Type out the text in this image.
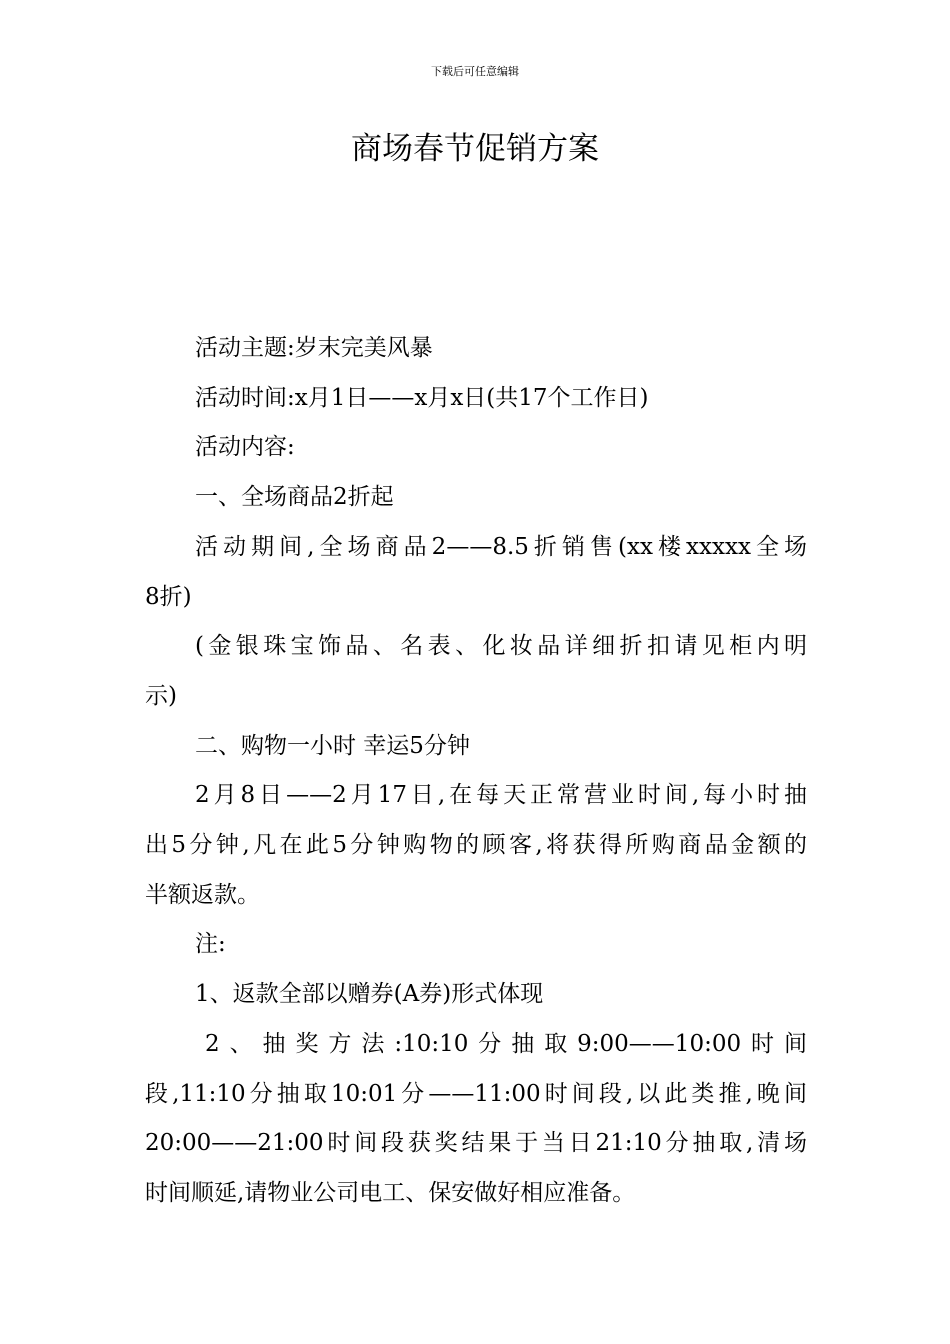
下载后可任意编辑
商场春节促销方案

活动主题:岁末完美风暴

活动时间:x月1日——x月x日(共17个工作日)

活动内容:

一、全场商品2折起

活动期间,全场商品2——8.5折销售(xx楼xxxxx全场
8折)

(金银珠宝饰品、名表、化妆品详细折扣请见柜内明
示)

二、购物一小时 幸运5分钟

2月8日——2月17日,在每天正常营业时间,每小时抽
出5分钟,凡在此5分钟购物的顾客,将获得所购商品金额的
半额返款。

注:

1、返款全部以赠券(A券)形式体现

2、抽奖方法:10:10分抽取9:00——10:00时间
段,11:10分抽取10:01分——11:00时间段,以此类推,晚间
20:00——21:00时间段获奖结果于当日21:10分抽取,清场
时间顺延,请物业公司电工、保安做好相应准备。
